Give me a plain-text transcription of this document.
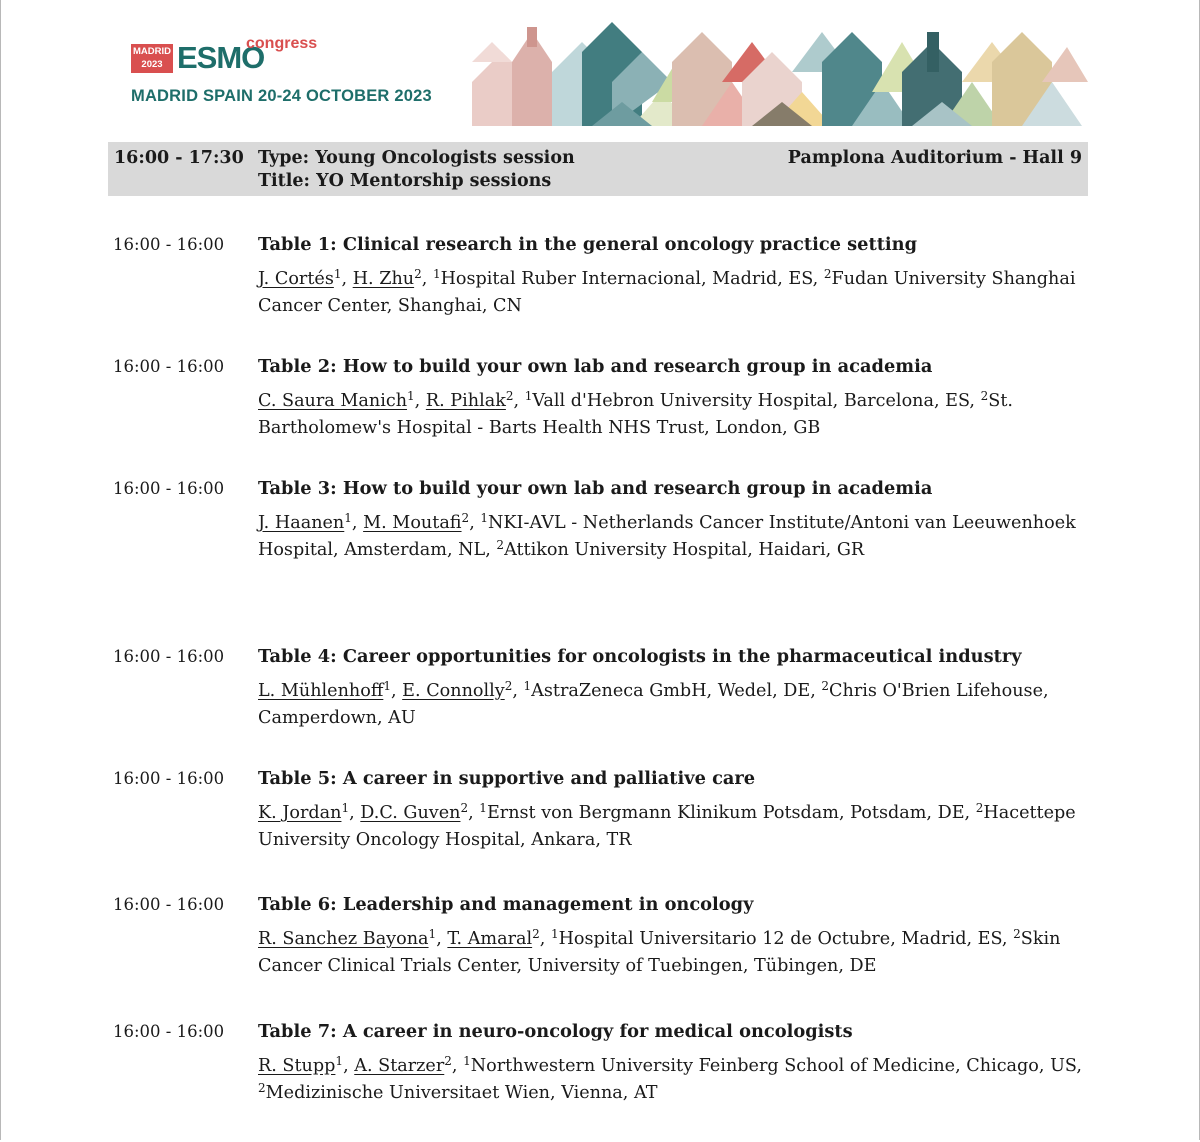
MADRID
2023 ESMO
congress
MADRID SPAIN 20-24 OCTOBER 2023
16:00 - 17:30 Type: Young Oncologists session
Title: YO Mentorship sessions
Pamplona Auditorium - Hall 9
16:00 - 16:00 Table 1: Clinical research in the general oncology practice setting
J. Cortés$^1$, H. Zhu$^2$, $^1$Hospital Ruber Internacional, Madrid, ES, $^2$Fudan University Shanghai Cancer Center, Shanghai, CN
16:00 - 16:00 Table 2: How to build your own lab and research group in academia
C. Saura Manich$^1$, R. Pihlak$^2$, $^1$Vall d'Hebron University Hospital, Barcelona, ES, $^2$St. Bartholomew's Hospital - Barts Health NHS Trust, London, GB
16:00 - 16:00 Table 3: How to build your own lab and research group in academia
J. Haanen$^1$, M. Moutafi$^2$, $^1$NKI-AVL - Netherlands Cancer Institute/Antoni van Leeuwenhoek Hospital, Amsterdam, NL, $^2$Attikon University Hospital, Haidari, GR
16:00 - 16:00 Table 4: Career opportunities for oncologists in the pharmaceutical industry
L. Mühlenhoff$^1$, E. Connolly$^2$, $^1$AstraZeneca GmbH, Wedel, DE, $^2$Chris O'Brien Lifehouse, Camperdown, AU
16:00 - 16:00 Table 5: A career in supportive and palliative care
K. Jordan$^1$, D.C. Guven$^2$, $^1$Ernst von Bergmann Klinikum Potsdam, Potsdam, DE, $^2$Hacettepe University Oncology Hospital, Ankara, TR
16:00 - 16:00 Table 6: Leadership and management in oncology
R. Sanchez Bayona$^1$, T. Amaral$^2$, $^1$Hospital Universitario 12 de Octubre, Madrid, ES, $^2$Skin Cancer Clinical Trials Center, University of Tuebingen, Tübingen, DE
16:00 - 16:00 Table 7: A career in neuro-oncology for medical oncologists
R. Stupp$^1$, A. Starzer$^2$, $^1$Northwestern University Feinberg School of Medicine, Chicago, US, $^2$Medizinische Universitaet Wien, Vienna, AT
